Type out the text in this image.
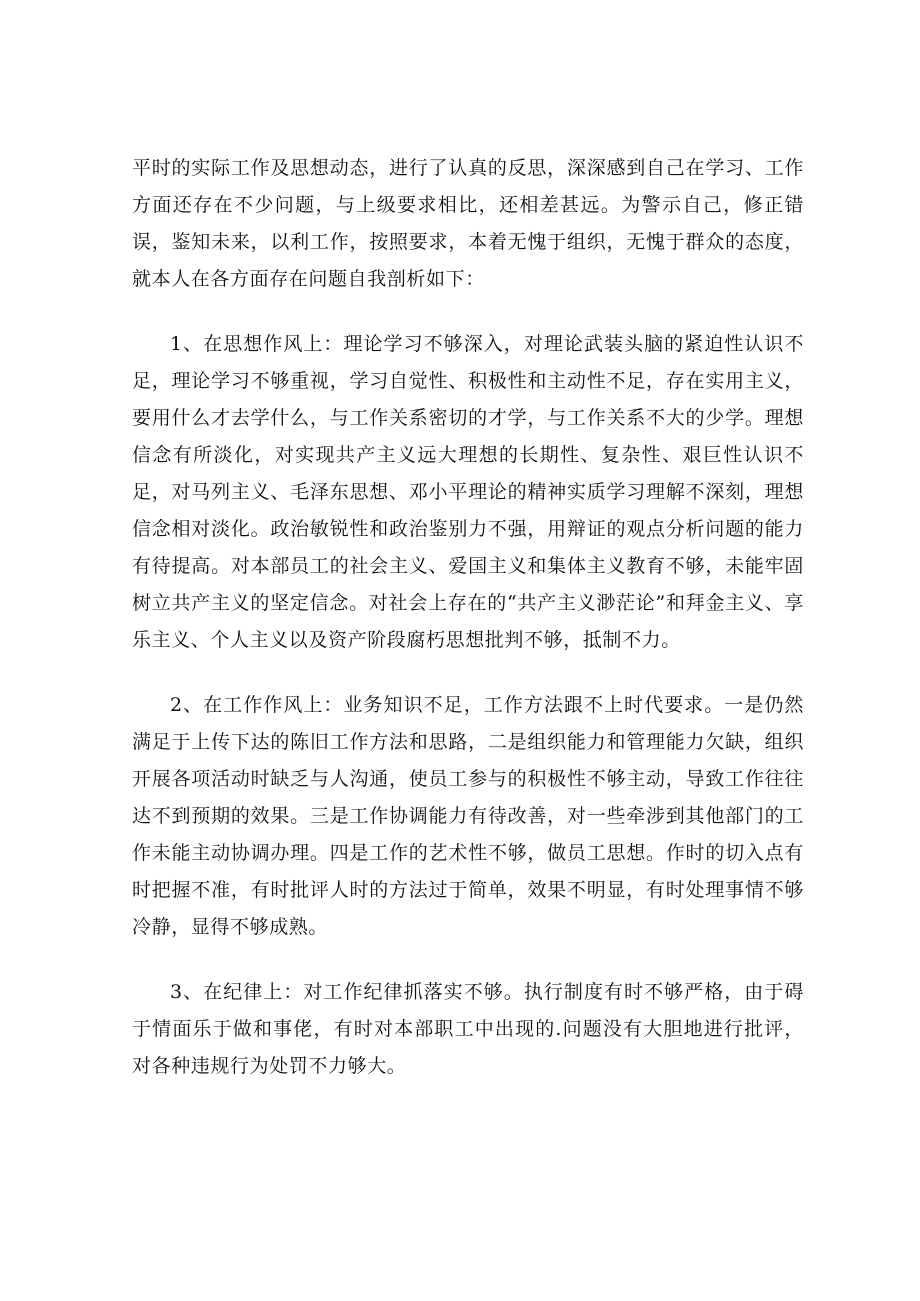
平时的实际工作及思想动态，进行了认真的反思，深深感到自己在学习、工作方面还存在不少问题，与上级要求相比，还相差甚远。为警示自己，修正错误，鉴知未来，以利工作，按照要求，本着无愧于组织，无愧于群众的态度，就本人在各方面存在问题自我剖析如下：

1、在思想作风上：理论学习不够深入，对理论武装头脑的紧迫性认识不足，理论学习不够重视，学习自觉性、积极性和主动性不足，存在实用主义，要用什么才去学什么，与工作关系密切的才学，与工作关系不大的少学。理想信念有所淡化，对实现共产主义远大理想的长期性、复杂性、艰巨性认识不足，对马列主义、毛泽东思想、邓小平理论的精神实质学习理解不深刻，理想信念相对淡化。政治敏锐性和政治鉴别力不强，用辩证的观点分析问题的能力有待提高。对本部员工的社会主义、爱国主义和集体主义教育不够，未能牢固树立共产主义的坚定信念。对社会上存在的“共产主义渺茫论”和拜金主义、享乐主义、个人主义以及资产阶段腐朽思想批判不够，抵制不力。

2、在工作作风上：业务知识不足，工作方法跟不上时代要求。一是仍然满足于上传下达的陈旧工作方法和思路，二是组织能力和管理能力欠缺，组织开展各项活动时缺乏与人沟通，使员工参与的积极性不够主动，导致工作往往达不到预期的效果。三是工作协调能力有待改善，对一些牵涉到其他部门的工作未能主动协调办理。四是工作的艺术性不够，做员工思想。作时的切入点有时把握不准，有时批评人时的方法过于简单，效果不明显，有时处理事情不够冷静，显得不够成熟。

3、在纪律上：对工作纪律抓落实不够。执行制度有时不够严格，由于碍于情面乐于做和事佬，有时对本部职工中出现的.问题没有大胆地进行批评，对各种违规行为处罚不力够大。
